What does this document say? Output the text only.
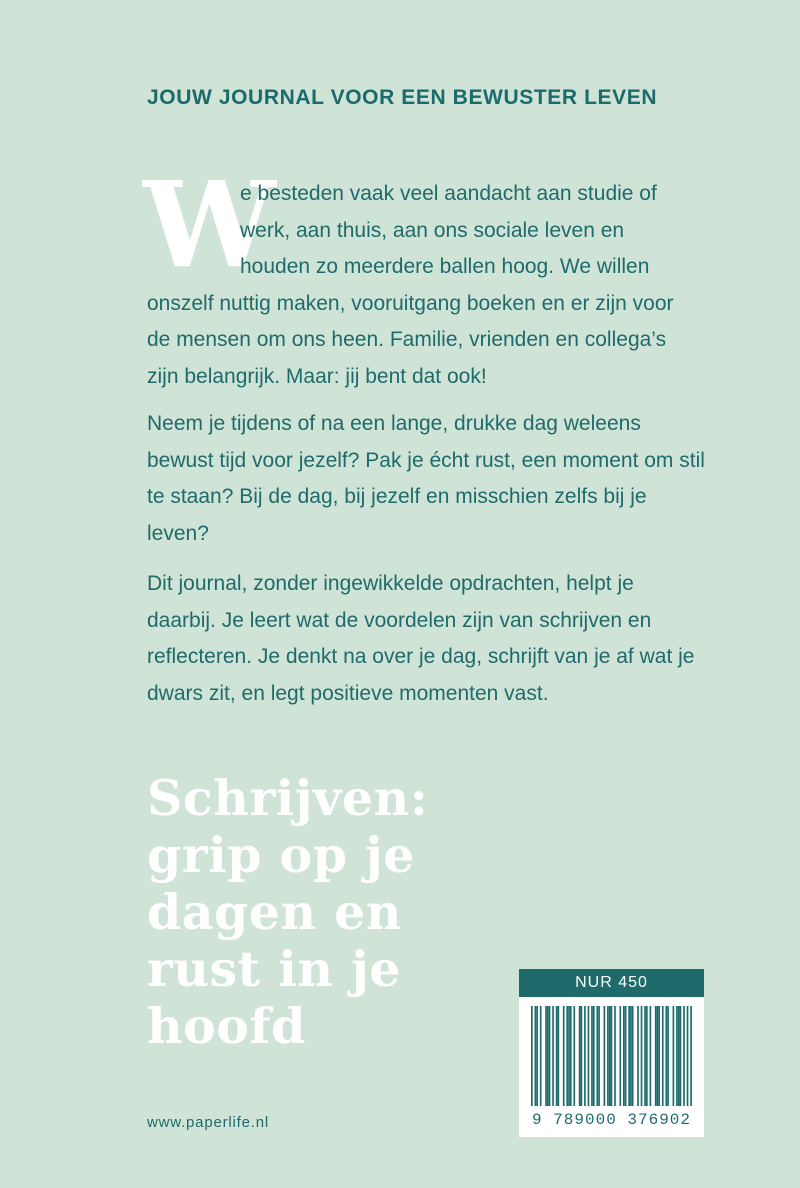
JOUW JOURNAL VOOR EEN BEWUSTER LEVEN
W
e besteden vaak veel aandacht aan studie of
werk, aan thuis, aan ons sociale leven en
houden zo meerdere ballen hoog. We willen
onszelf nuttig maken, vooruitgang boeken en er zijn voor
de mensen om ons heen. Familie, vrienden en collega’s
zijn belangrijk. Maar: jij bent dat ook!
Neem je tijdens of na een lange, drukke dag weleens bewust tijd voor jezelf? Pak je écht rust, een moment om stil te staan? Bij de dag, bij jezelf en misschien zelfs bij je leven?
Dit journal, zonder ingewikkelde opdrachten, helpt je daarbij. Je leert wat de voordelen zijn van schrijven en reflecteren. Je denkt na over je dag, schrijft van je af wat je dwars zit, en legt positieve momenten vast.
Schrijven:
grip op je
dagen en
rust in je
hoofd
www.paperlife.nl
NUR 450
9 789000 376902
